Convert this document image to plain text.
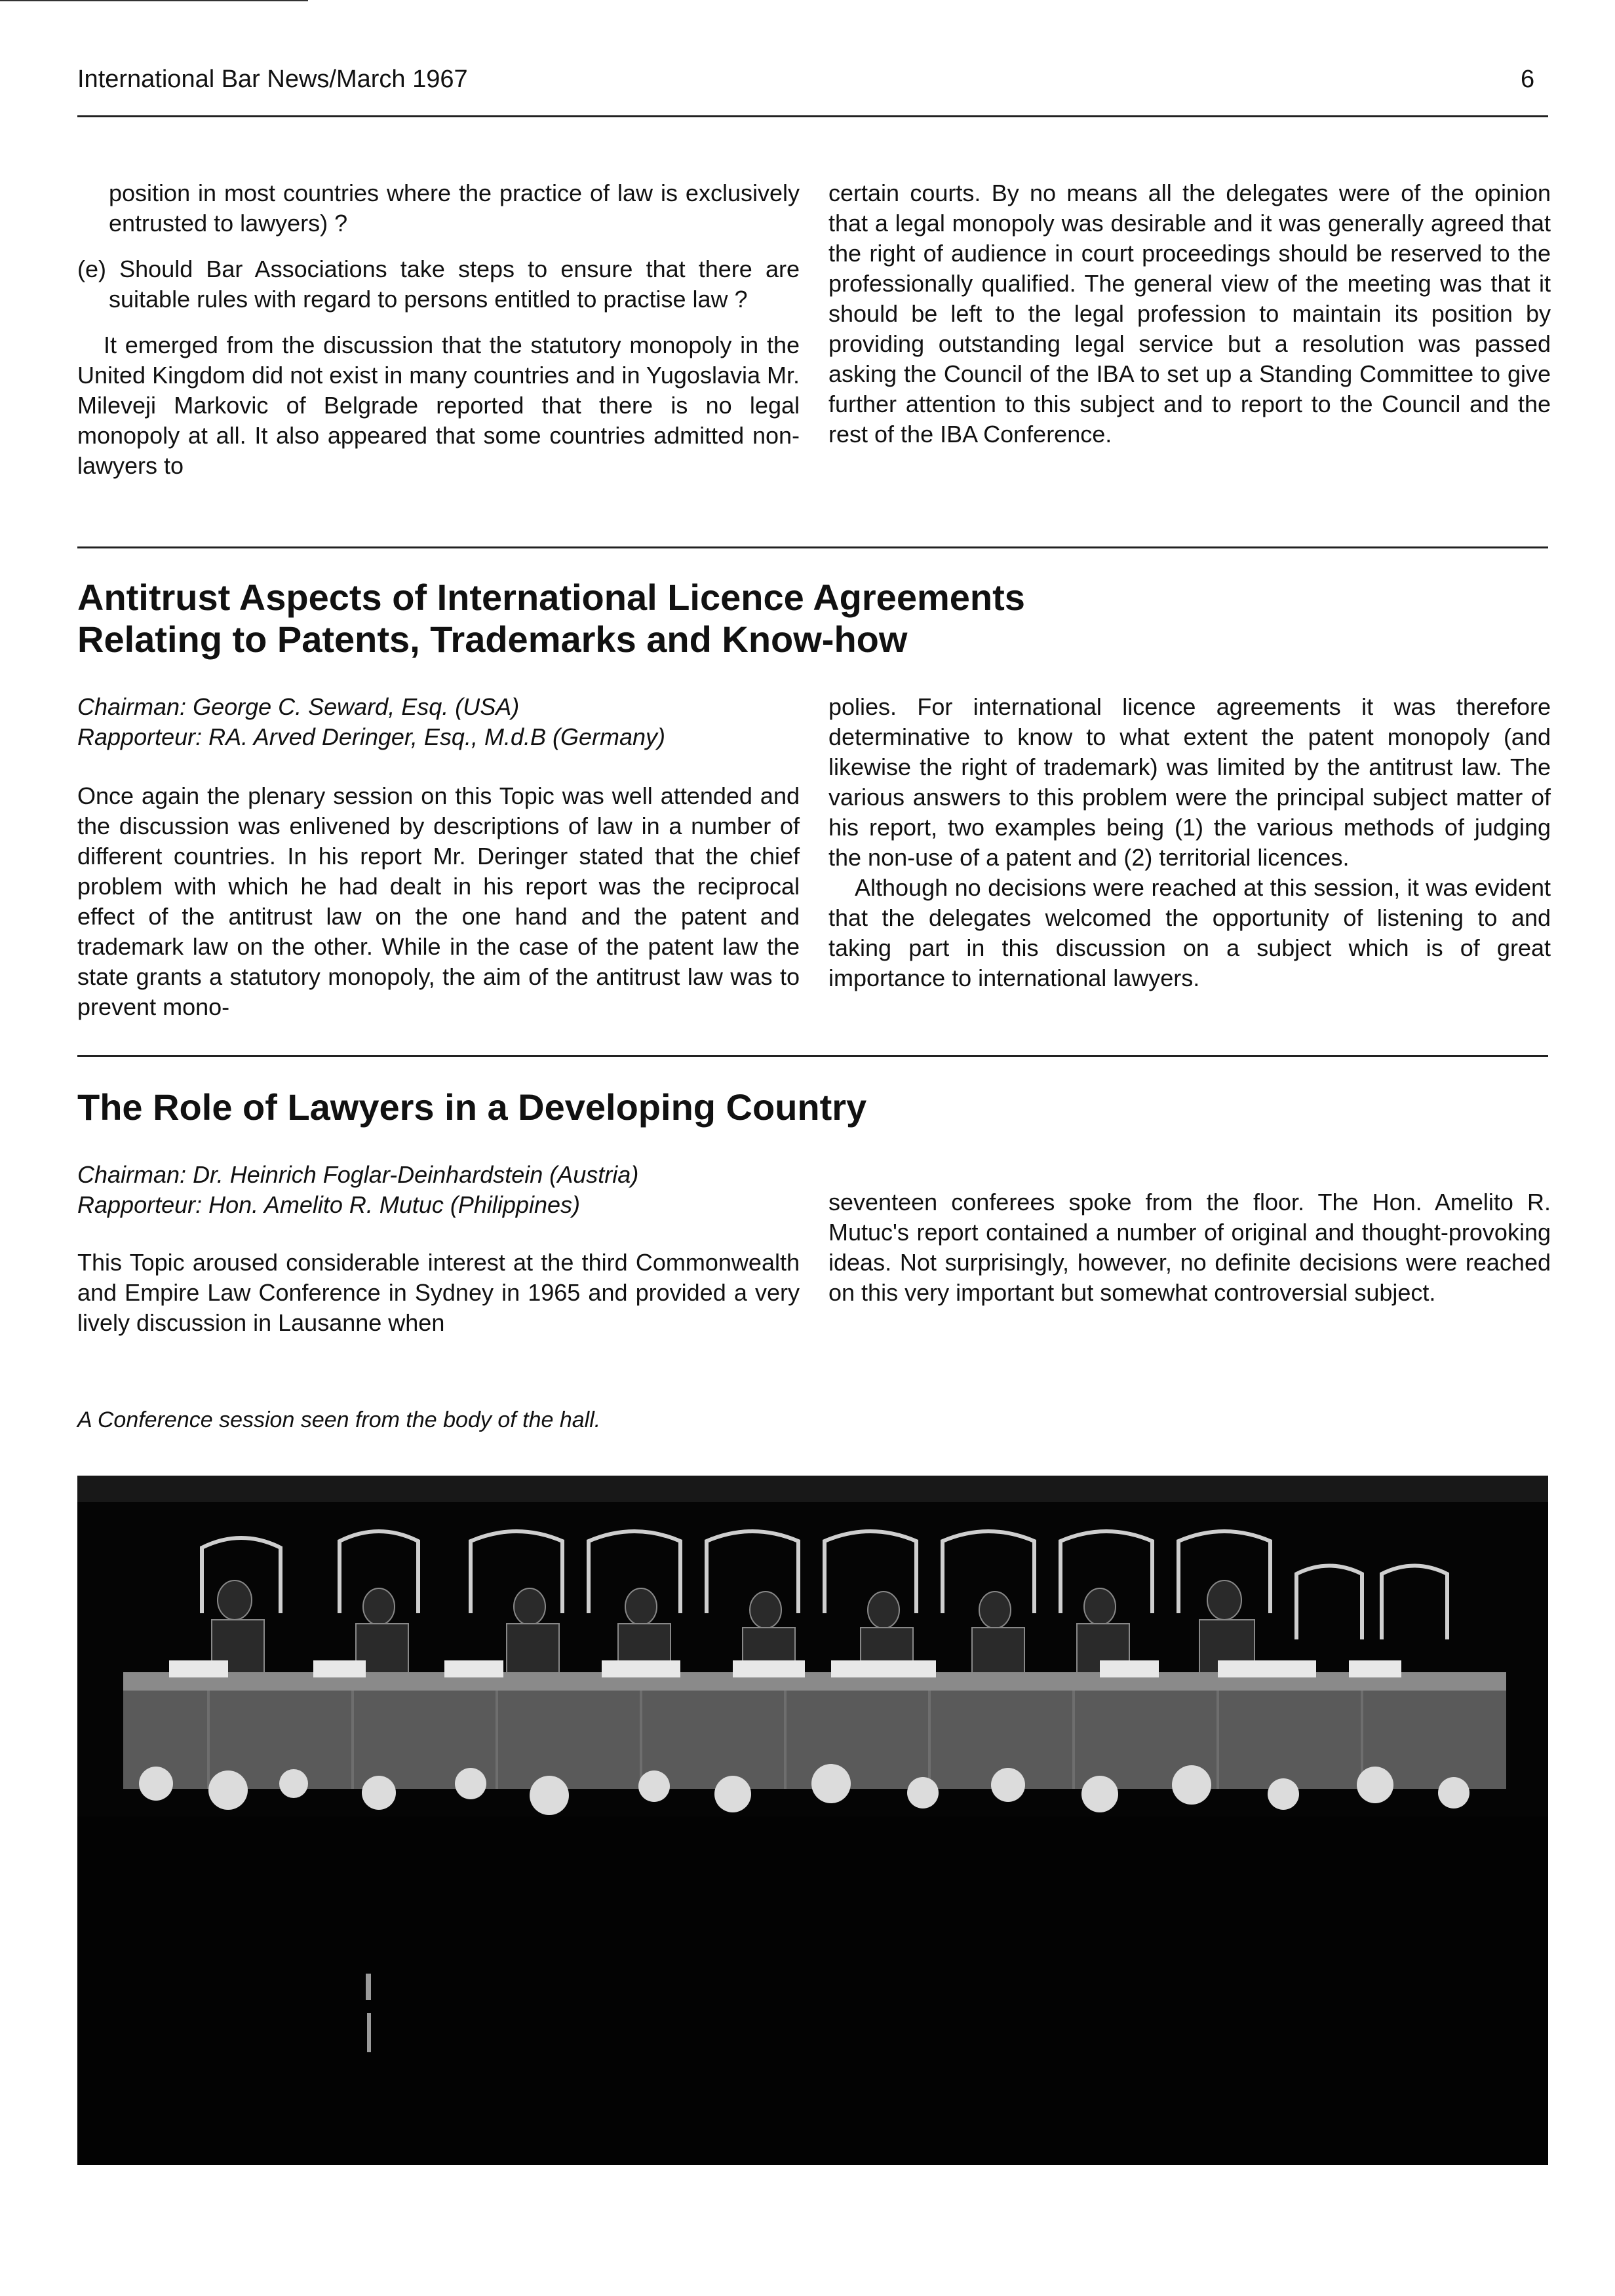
International Bar News/March 1967	6

position in most countries where the practice of law is exclusively entrusted to lawyers) ?

(e) Should Bar Associations take steps to ensure that there are suitable rules with regard to persons entitled to practise law ?

It emerged from the discussion that the statutory monopoly in the United Kingdom did not exist in many countries and in Yugoslavia Mr. Mileveji Markovic of Belgrade reported that there is no legal monopoly at all. It also appeared that some countries admitted non-lawyers to

certain courts. By no means all the delegates were of the opinion that a legal monopoly was desirable and it was generally agreed that the right of audience in court proceedings should be reserved to the professionally qualified. The general view of the meeting was that it should be left to the legal profession to maintain its position by providing outstanding legal service but a resolution was passed asking the Council of the IBA to set up a Standing Committee to give further attention to this subject and to report to the Council and the rest of the IBA Conference.

Antitrust Aspects of International Licence Agreements
Relating to Patents, Trademarks and Know-how

Chairman: George C. Seward, Esq. (USA)

Rapporteur: RA. Arved Deringer, Esq., M.d.B (Germany)

Once again the plenary session on this Topic was well attended and the discussion was enlivened by descriptions of law in a number of different countries. In his report Mr. Deringer stated that the chief problem with which he had dealt in his report was the reciprocal effect of the antitrust law on the one hand and the patent and trademark law on the other. While in the case of the patent law the state grants a statutory monopoly, the aim of the antitrust law was to prevent mono-

polies. For international licence agreements it was therefore determinative to know to what extent the patent monopoly (and likewise the right of trademark) was limited by the antitrust law. The various answers to this problem were the principal subject matter of his report, two examples being (1) the various methods of judging the non-use of a patent and (2) territorial licences.

Although no decisions were reached at this session, it was evident that the delegates welcomed the opportunity of listening to and taking part in this discussion on a subject which is of great importance to international lawyers.

The Role of Lawyers in a Developing Country

Chairman: Dr. Heinrich Foglar-Deinhardstein (Austria)

Rapporteur: Hon. Amelito R. Mutuc (Philippines)

This Topic aroused considerable interest at the third Commonwealth and Empire Law Conference in Sydney in 1965 and provided a very lively discussion in Lausanne when

seventeen conferees spoke from the floor. The Hon. Amelito R. Mutuc's report contained a number of original and thought-provoking ideas. Not surprisingly, however, no definite decisions were reached on this very important but somewhat controversial subject.

A Conference session seen from the body of the hall.
